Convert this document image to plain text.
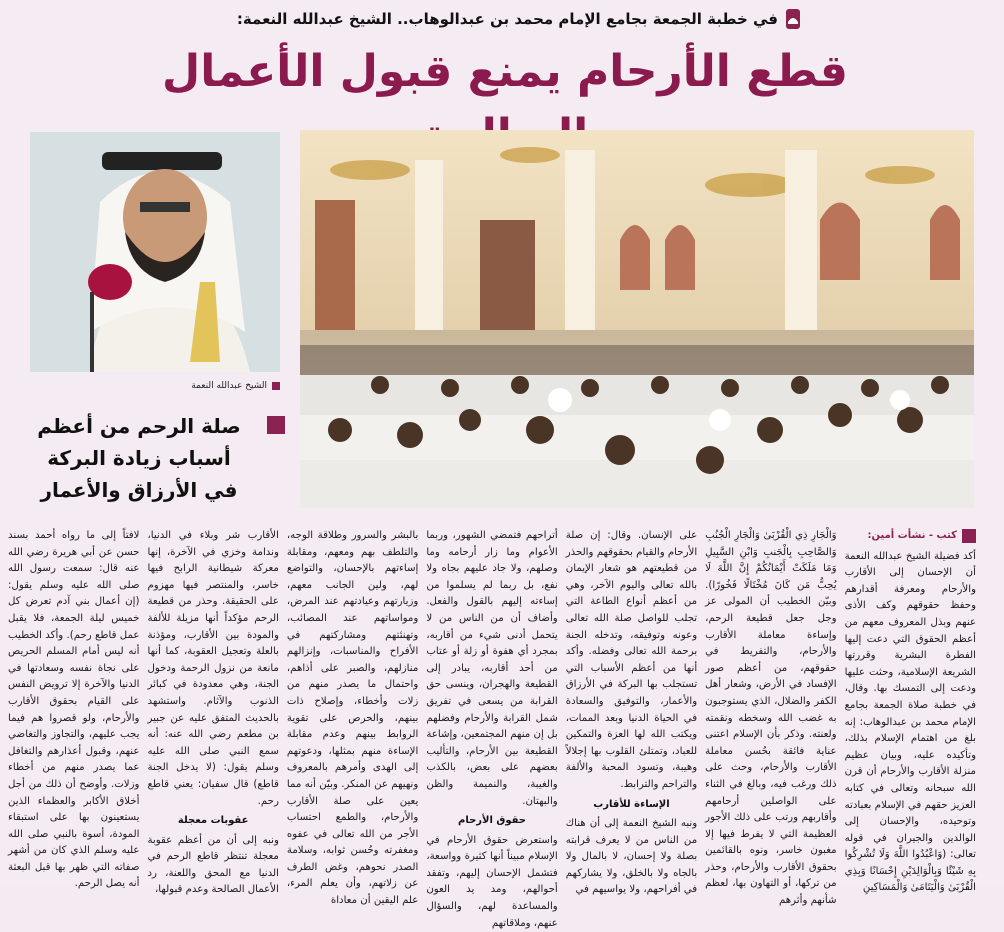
في خطبة الجمعة بجامع الإمام محمد بن عبدالوهاب.. الشيخ عبدالله النعمة:
قطع الأرحام يمنع قبول الأعمال
الشيخ عبدالله النعمة
صلة الرحم من أعظم
أسباب زيادة البركة
في الأرزاق والأعمار
كتب - نشأت أمين:

أكد فضيلة الشيخ عبدالله النعمة أن الإحسان إلى الأقارب والأرحام ومعرفة أقدارهم وحفظ حقوقهم وكف الأذى عنهم وبذل المعروف معهم من أعظم الحقوق التي دعت إليها الفطرة البشرية وقررتها الشريعة الإسلامية، وحثت عليها ودعت إلى التمسك بها. وقال، في خطبة صلاة الجمعة بجامع الإمام محمد بن عبدالوهاب: إنه بلغ من اهتمام الإسلام بذلك، وتأكيده عليه، وبيان عظيم منزلة الأقارب والأرحام أن قرن الله سبحانه وتعالى في كتابه العزيز حقهم في الإسلام بعبادته وتوحيده، والإحسان إلى الوالدين والجيران في قوله تعالى: (وَاعْبُدُوا اللَّهَ وَلَا تُشْرِكُوا بِهِ شَيْئًا وَبِالْوَالِدَيْنِ إِحْسَانًا وَبِذِي الْقُرْبَىٰ وَالْيَتَامَىٰ وَالْمَسَاكِينِ

وَالْجَارِ ذِي الْقُرْبَىٰ وَالْجَارِ الْجُنُبِ وَالصَّاحِبِ بِالْجَنبِ وَابْنِ السَّبِيلِ وَمَا مَلَكَتْ أَيْمَانُكُمْ إِنَّ اللَّهَ لَا يُحِبُّ مَن كَانَ مُخْتَالًا فَخُورًا). وبيّن الخطيب أن المولى عز وجل جعل قطيعة الرحم، وإساءة معاملة الأقارب والأرحام، والتفريط في حقوقهم، من أعظم صور الإفساد في الأرض، وشعار أهل الكفر والضلال، الذي يستوجبون به غضب الله وسخطه ونقمته ولعنته. وذكر بأن الإسلام اعتنى عناية فائقة بحُسن معاملة الأقارب والأرحام، وحث على ذلك ورغب فيه، وبالغ في الثناء على الواصلين أرحامهم وأقاربهم ورتب على ذلك الأجور العظيمة التي لا يفرط فيها إلا مغبون خاسر، ونوه بالقائمين بحقوق الأقارب والأرحام، وحذر من تركها، أو التهاون بها، لعظم شأنهم وأثرهم

على الإنسان. وقال: إن صلة الأرحام والقيام بحقوقهم والحذر من قطيعتهم هو شعار الإيمان بالله تعالى واليوم الآخر، وهي من أعظم أنواع الطاعة التي تجلب للواصل صلة الله تعالى وعونه وتوفيقه، وتدخله الجنة برحمة الله تعالى وفضله. وأكد أنها من أعظم الأسباب التي تستجلب بها البركة في الأرزاق والأعمار، والتوفيق والسعادة في الحياة الدنيا وبعد الممات، ويكتب الله لها العزة والتمكين للعباد، وتمتلئ القلوب بها إجلالاً وهيبة، وتسود المحبة والألفة والتراحم والترابط.

الإساءة للأقارب

ونبه الشيخ النعمة إلى أن هناك من الناس من لا يعرف قرابته بصلة ولا إحسان، لا بالمال ولا بالجاه ولا بالخلق، ولا يشاركهم في أفراحهم، ولا يواسيهم في

أتراحهم فتمضي الشهور، وربما الأعوام وما زار أرحامه وما وصلهم، ولا جاد عليهم بجاه ولا نفع، بل ربما لم يسلموا من إساءته إليهم بالقول والفعل. وأضاف أن من الناس من لا يتحمل أدنى شيء من أقاربه، بمجرد أي هفوة أو زلة أو عتاب من أحد أقاربه، يبادر إلى القطيعة والهجران، وينسى حق القرابة من يسعى في تفريق شمل القرابة والأرحام وفضلهم بل إن منهم المجتمعين، وإشاعة القطيعة بين الأرحام، والتأليب بعضهم على بعض، بالكذب والغيبة، والنميمة والظن والبهتان.

حقوق الأرحام

واستعرض حقوق الأرحام في الإسلام مبيناً أنها كثيرة وواسعة، فتشمل الإحسان إليهم، وتفقد أحوالهم، ومد يد العون والمساعدة لهم، والسؤال عنهم، وملاقاتهم

بالبشر والسرور وطلاقة الوجه، والتلطف بهم ومعهم، ومقابلة إساءتهم بالإحسان، والتواضع لهم، ولين الجانب معهم، وزيارتهم وعيادتهم عند المرض، ومواساتهم عند المصائب، وتهنئتهم ومشاركتهم في الأفراح والمناسبات، وإنزالهم منازلهم، والصبر على أذاهم، واحتمال ما يصدر منهم من زلات وأخطاء، وإصلاح ذات بينهم، والحرص على تقوية الروابط بينهم وعدم مقابلة الإساءة منهم بمثلها، ودعوتهم إلى الهدى وأمرهم بالمعروف ونهيهم عن المنكر. وبيّن أنه مما يعين على صلة الأقارب والأرحام، والطمع احتساب الأجر من الله تعالى في عفوه ومغفرته وحُسن ثوابه، وسلامة الصدر نحوهم، وغض الطرف عن زلاتهم، وأن يعلم المرء، علم اليقين أن معاداة

الأقارب شر وبلاء في الدنيا، وندامة وخزي في الآخرة، إنها معركة شيطانية الرابح فيها خاسر، والمنتصر فيها مهزوم على الحقيقة. وحذر من قطيعة الرحم مؤكداً أنها مزيلة للألفة والمودة بين الأقارب، ومؤذنة بالعلة وتعجيل العقوبة، كما أنها مانعة من نزول الرحمة ودخول الجنة، وهي معدودة في كبائر الذنوب والآثام. واستشهد بالحديث المتفق عليه عن جبير بن مطعم رضي الله عنه: أنه سمع النبي صلى الله عليه وسلم يقول: (لا يدخل الجنة قاطع) قال سفيان: يعني قاطع رحم.

عقوبات معجلة

ونبه إلى أن من أعظم عقوبة معجلة تنتظر قاطع الرحم في الدنيا مع المحق واللعنة، رد الأعمال الصالحة وعدم قبولها،

لافتاً إلى ما رواه أحمد بسند حسن عن أبي هريرة رضي الله عنه قال: سمعت رسول الله صلى الله عليه وسلم يقول: (إن أعمال بني آدم تعرض كل خميس ليلة الجمعة، فلا يقبل عمل قاطع رحم). وأكد الخطيب أنه ليس أمام المسلم الحريص على نجاة نفسه وسعادتها في الدنيا والآخرة إلا ترويض النفس على القيام بحقوق الأقارب والأرحام، ولو قصروا هم فيما يجب عليهم، والتجاوز والتغاضي عنهم، وقبول أعذارهم والتغافل عما يصدر منهم من أخطاء وزلات. وأوضح أن ذلك من أجل أخلاق الأكابر والعظماء الذين يستعينون بها على استبقاء المودة، أسوة بالنبي صلى الله عليه وسلم الذي كان من أشهر صفاته التي ظهر بها قبل البعثة أنه يصل الرحم.
